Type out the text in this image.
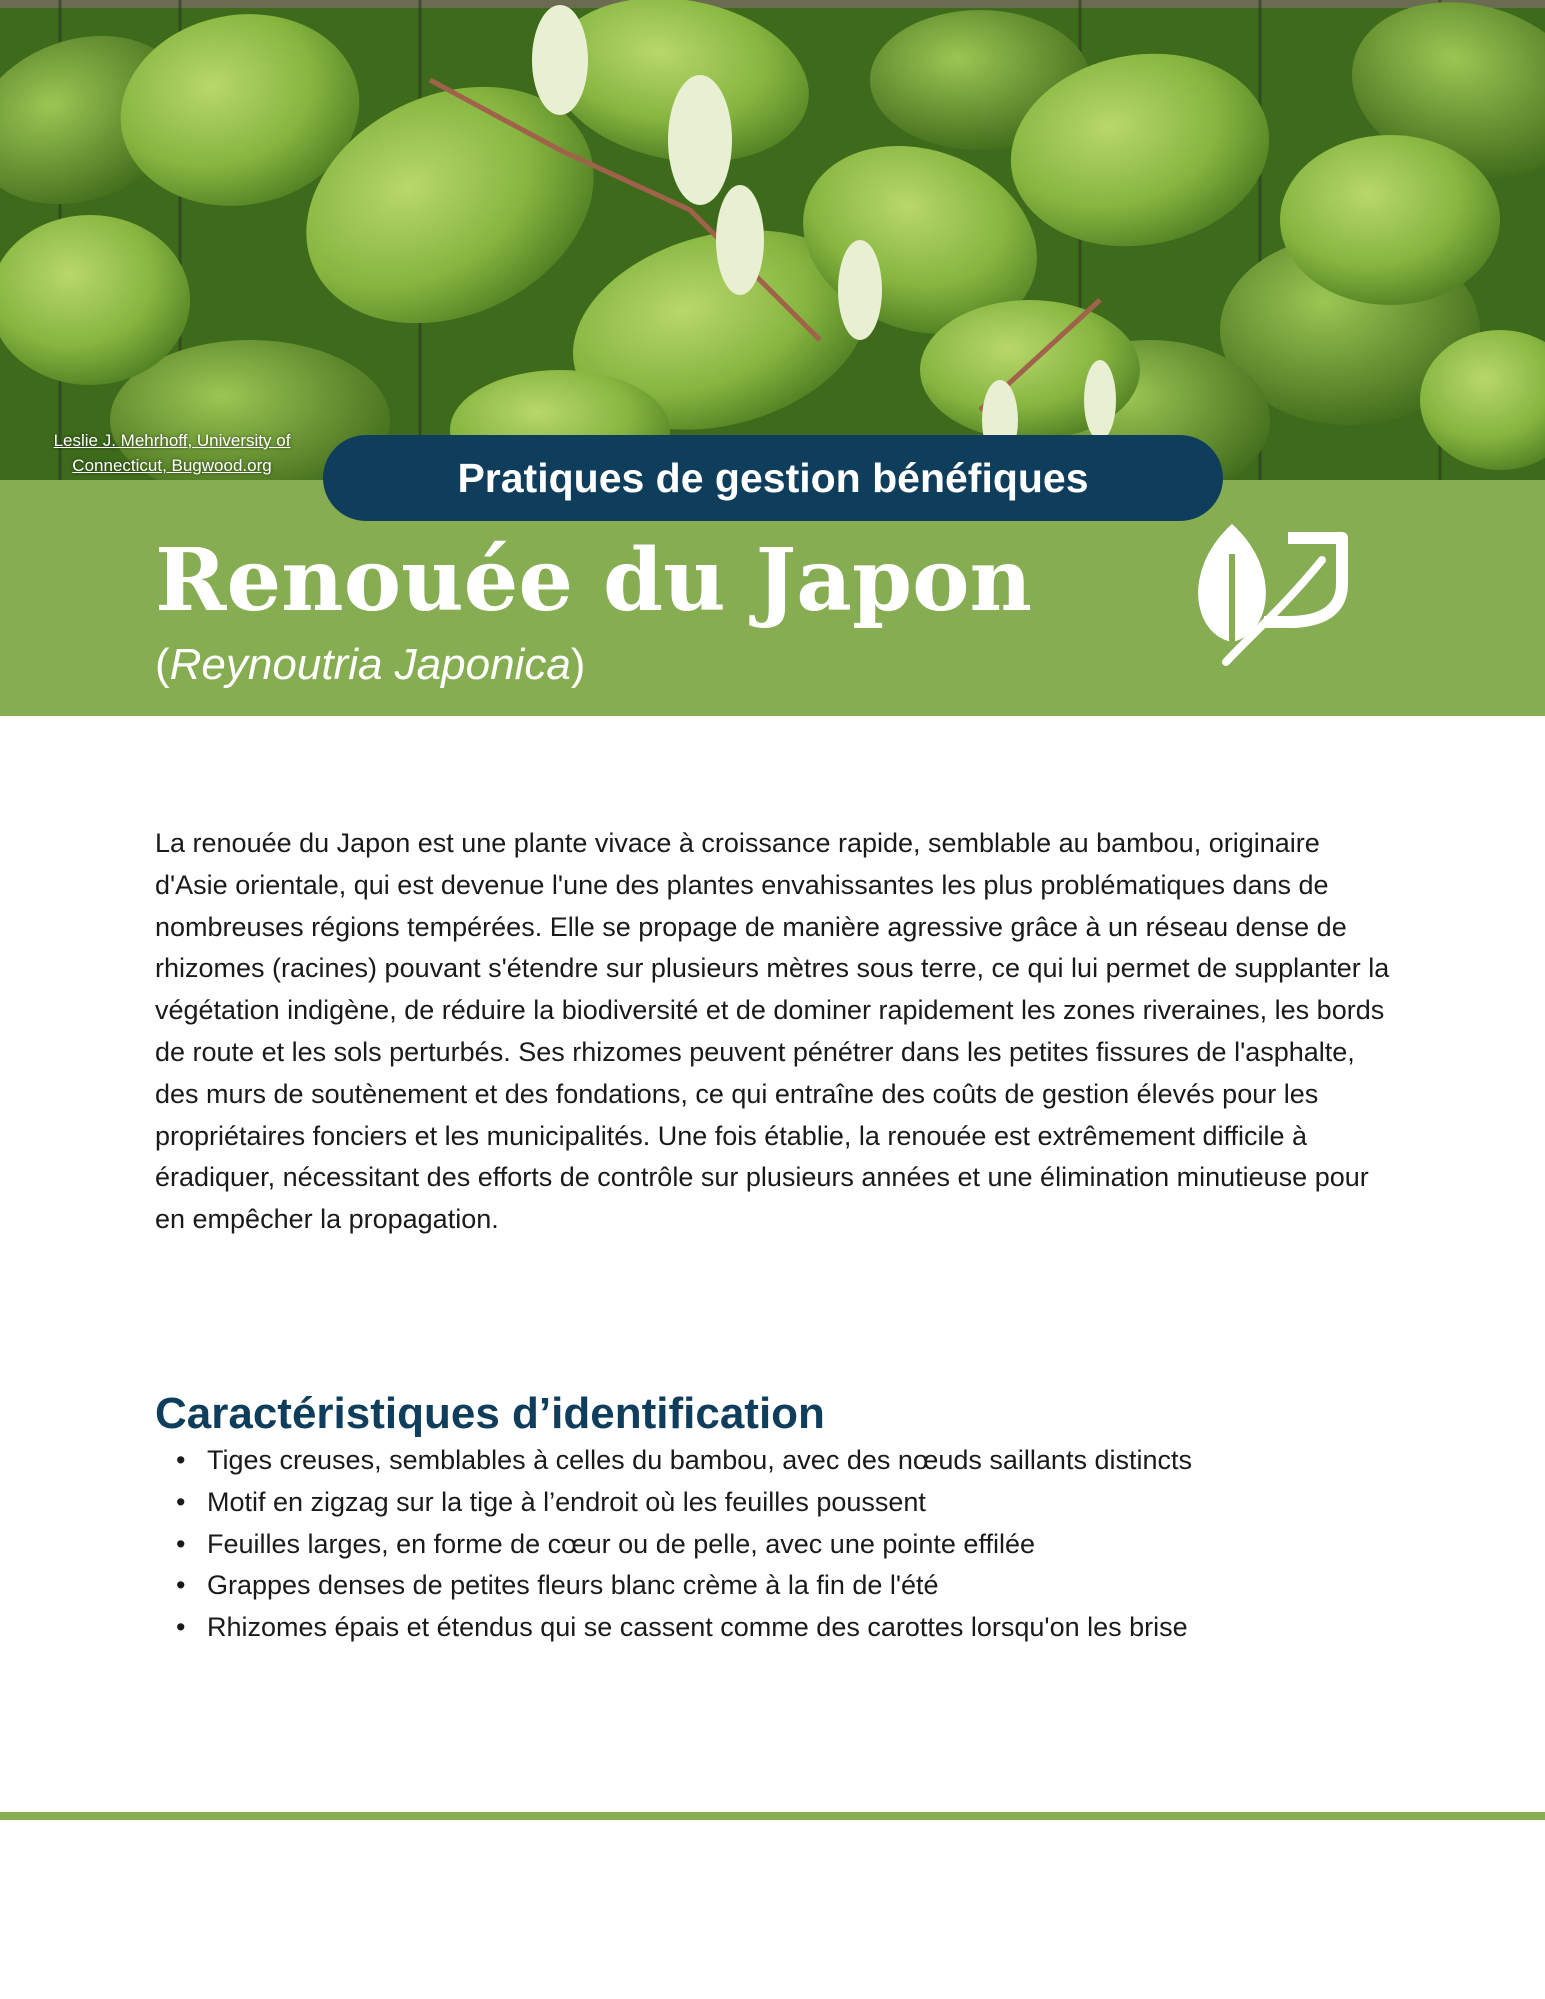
Leslie J. Mehrhoff, University of Connecticut, Bugwood.org	Pratiques de gestion bénéfiques
Renouée du Japon
(Reynoutria Japonica)

La renouée du Japon est une plante vivace à croissance rapide, semblable au bambou, originaire d'Asie orientale, qui est devenue l'une des plantes envahissantes les plus problématiques dans de nombreuses régions tempérées. Elle se propage de manière agressive grâce à un réseau dense de rhizomes (racines) pouvant s'étendre sur plusieurs mètres sous terre, ce qui lui permet de supplanter la végétation indigène, de réduire la biodiversité et de dominer rapidement les zones riveraines, les bords de route et les sols perturbés. Ses rhizomes peuvent pénétrer dans les petites fissures de l'asphalte, des murs de soutènement et des fondations, ce qui entraîne des coûts de gestion élevés pour les propriétaires fonciers et les municipalités. Une fois établie, la renouée est extrêmement difficile à éradiquer, nécessitant des efforts de contrôle sur plusieurs années et une élimination minutieuse pour en empêcher la propagation.

Caractéristiques d’identification
• Tiges creuses, semblables à celles du bambou, avec des nœuds saillants distincts
• Motif en zigzag sur la tige à l’endroit où les feuilles poussent
• Feuilles larges, en forme de cœur ou de pelle, avec une pointe effilée
• Grappes denses de petites fleurs blanc crème à la fin de l'été
• Rhizomes épais et étendus qui se cassent comme des carottes lorsqu'on les brise
